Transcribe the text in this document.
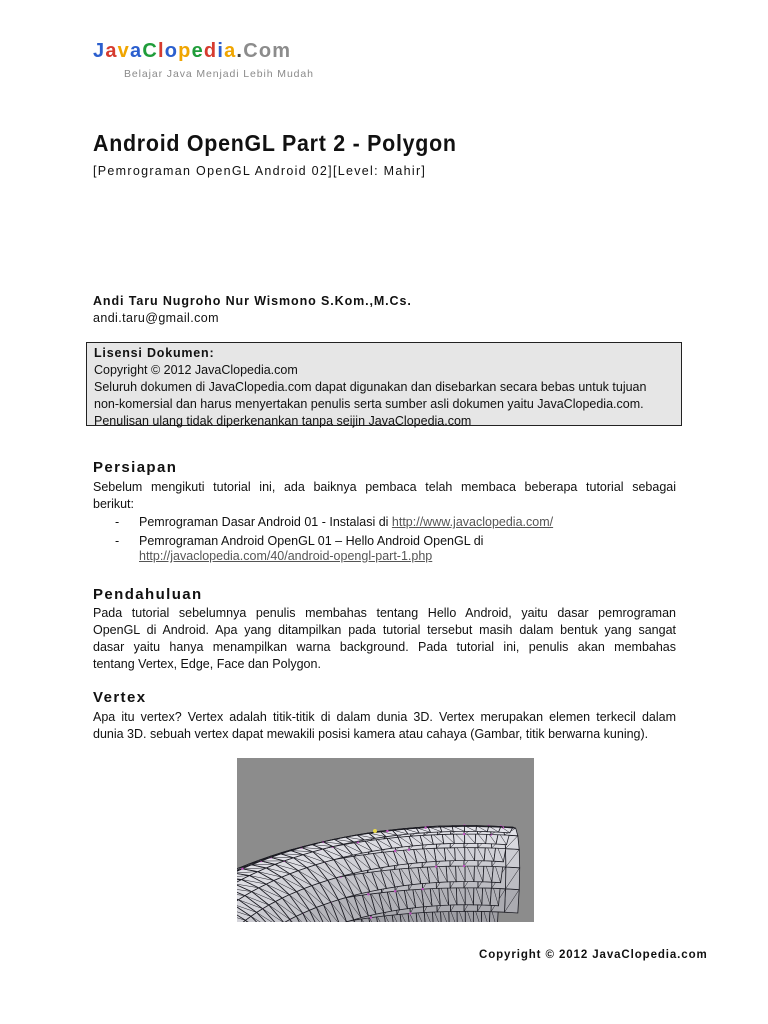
JavaClopedia.Com
Belajar Java Menjadi Lebih Mudah
Android OpenGL Part 2 - Polygon
[Pemrograman OpenGL Android 02][Level: Mahir]
Andi Taru Nugroho Nur Wismono S.Kom.,M.Cs.
andi.taru@gmail.com
Lisensi Dokumen:
Copyright © 2012 JavaClopedia.com
Seluruh dokumen di JavaClopedia.com dapat digunakan dan disebarkan secara bebas untuk tujuan
non-komersial dan harus menyertakan penulis serta sumber asli dokumen yaitu JavaClopedia.com.
Penulisan ulang tidak diperkenankan tanpa seijin JavaClopedia.com
Persiapan
Sebelum mengikuti tutorial ini, ada baiknya pembaca telah membaca beberapa tutorial sebagai
berikut:
- Pemrograman Dasar Android 01 - Instalasi di http://www.javaclopedia.com/
- Pemrograman Android OpenGL 01 – Hello Android OpenGL di
http://javaclopedia.com/40/android-opengl-part-1.php
Pendahuluan
Pada tutorial sebelumnya penulis membahas tentang Hello Android, yaitu dasar pemrograman
OpenGL di Android. Apa yang ditampilkan pada tutorial tersebut masih dalam bentuk yang sangat
dasar yaitu hanya menampilkan warna background. Pada tutorial ini, penulis akan membahas
tentang Vertex, Edge, Face dan Polygon.
Vertex
Apa itu vertex? Vertex adalah titik-titik di dalam dunia 3D. Vertex merupakan elemen terkecil dalam
dunia 3D. sebuah vertex dapat mewakili posisi kamera atau cahaya (Gambar, titik berwarna kuning).
Copyright © 2012 JavaClopedia.com
